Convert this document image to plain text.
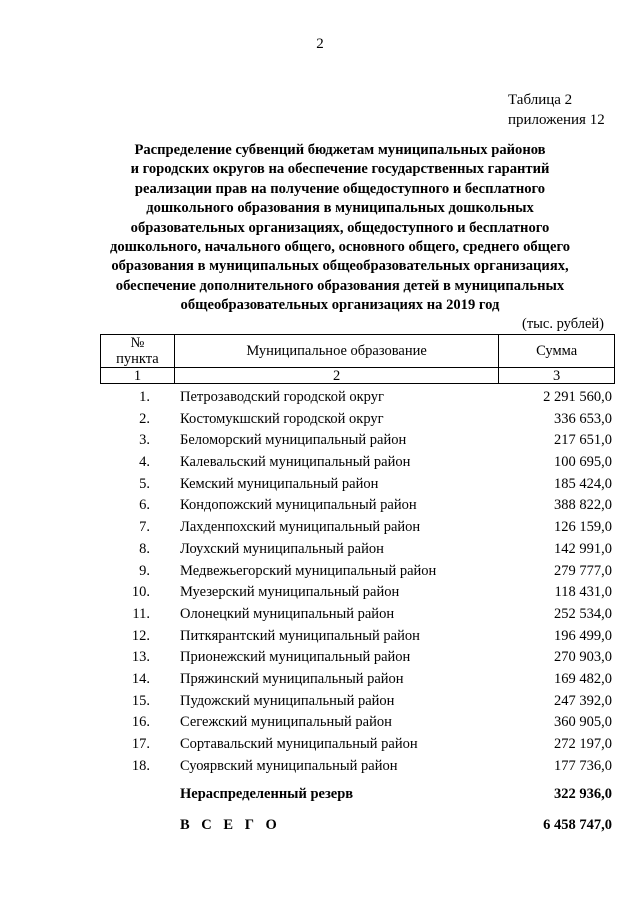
2
Таблица 2
приложения 12
Распределение субвенций бюджетам муниципальных районов
и городских округов на обеспечение государственных гарантий
реализации прав на получение общедоступного и бесплатного
дошкольного образования в муниципальных дошкольных
образовательных организациях, общедоступного и бесплатного
дошкольного, начального общего, основного общего, среднего общего
образования в муниципальных общеобразовательных организациях,
обеспечение дополнительного образования детей в муниципальных
общеобразовательных организациях на 2019 год
(тыс. рублей)
№
пункта	Муниципальное образование	Сумма
1	2	3
1. Петрозаводский городской округ	2 291 560,0
2. Костомукшский городской округ	336 653,0
3. Беломорский муниципальный район	217 651,0
4. Калевальский муниципальный район	100 695,0
5. Кемский муниципальный район	185 424,0
6. Кондопожский муниципальный район	388 822,0
7. Лахденпохский муниципальный район	126 159,0
8. Лоухский муниципальный район	142 991,0
9. Медвежьегорский муниципальный район	279 777,0
10. Муезерский муниципальный район	118 431,0
11. Олонецкий муниципальный район	252 534,0
12. Питкярантский муниципальный район	196 499,0
13. Прионежский муниципальный район	270 903,0
14. Пряжинский муниципальный район	169 482,0
15. Пудожский муниципальный район	247 392,0
16. Сегежский муниципальный район	360 905,0
17. Сортавальский муниципальный район	272 197,0
18. Суоярвский муниципальный район	177 736,0
Нераспределенный резерв	322 936,0
В С Е Г О	6 458 747,0
